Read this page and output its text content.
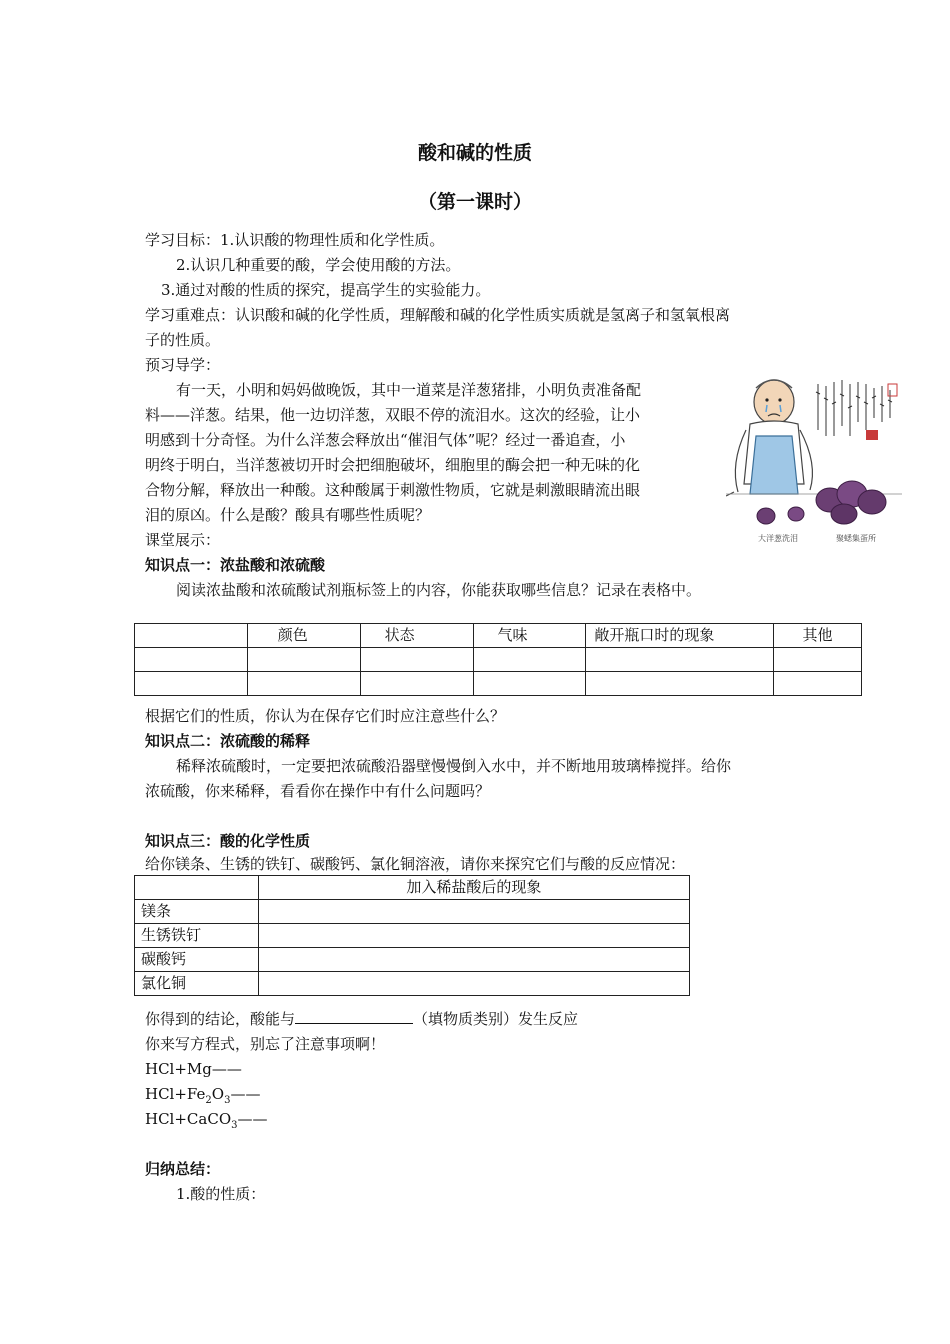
酸和碱的性质
（第一课时）
学习目标：1.认识酸的物理性质和化学性质。
2.认识几种重要的酸，学会使用酸的方法。
3.通过对酸的性质的探究，提高学生的实验能力。
学习重难点：认识酸和碱的化学性质，理解酸和碱的化学性质实质就是氢离子和氢氧根离
子的性质。
预习导学：
有一天，小明和妈妈做晚饭，其中一道菜是洋葱猪排，小明负责准备配
料——洋葱。结果，他一边切洋葱，双眼不停的流泪水。这次的经验，让小
明感到十分奇怪。为什么洋葱会释放出“催泪气体”呢？经过一番追查，小
明终于明白，当洋葱被切开时会把细胞破坏，细胞里的酶会把一种无味的化
合物分解，释放出一种酸。这种酸属于刺激性物质，它就是刺激眼睛流出眼
泪的原凶。什么是酸？酸具有哪些性质呢？
大洋葱洗泪	聚蟋集蛋所
课堂展示：
知识点一：浓盐酸和浓硫酸
阅读浓盐酸和浓硫酸试剂瓶标签上的内容，你能获取哪些信息？记录在表格中。
	颜色	状态	气味	敞开瓶口时的现象	其他

根据它们的性质，你认为在保存它们时应注意些什么？
知识点二：浓硫酸的稀释
稀释浓硫酸时，一定要把浓硫酸沿器壁慢慢倒入水中，并不断地用玻璃棒搅拌。给你
浓硫酸，你来稀释，看看你在操作中有什么问题吗？
知识点三：酸的化学性质
给你镁条、生锈的铁钉、碳酸钙、氯化铜溶液，请你来探究它们与酸的反应情况：
	加入稀盐酸后的现象
镁条	
生锈铁钉	
碳酸钙	
氯化铜	
你得到的结论，酸能与	（填物质类别）发生反应
你来写方程式，别忘了注意事项啊！
HCl+Mg——
$HCl+Fe_2O_3——$
HCl+CaCO$_3$——
归纳总结：
1.酸的性质：
